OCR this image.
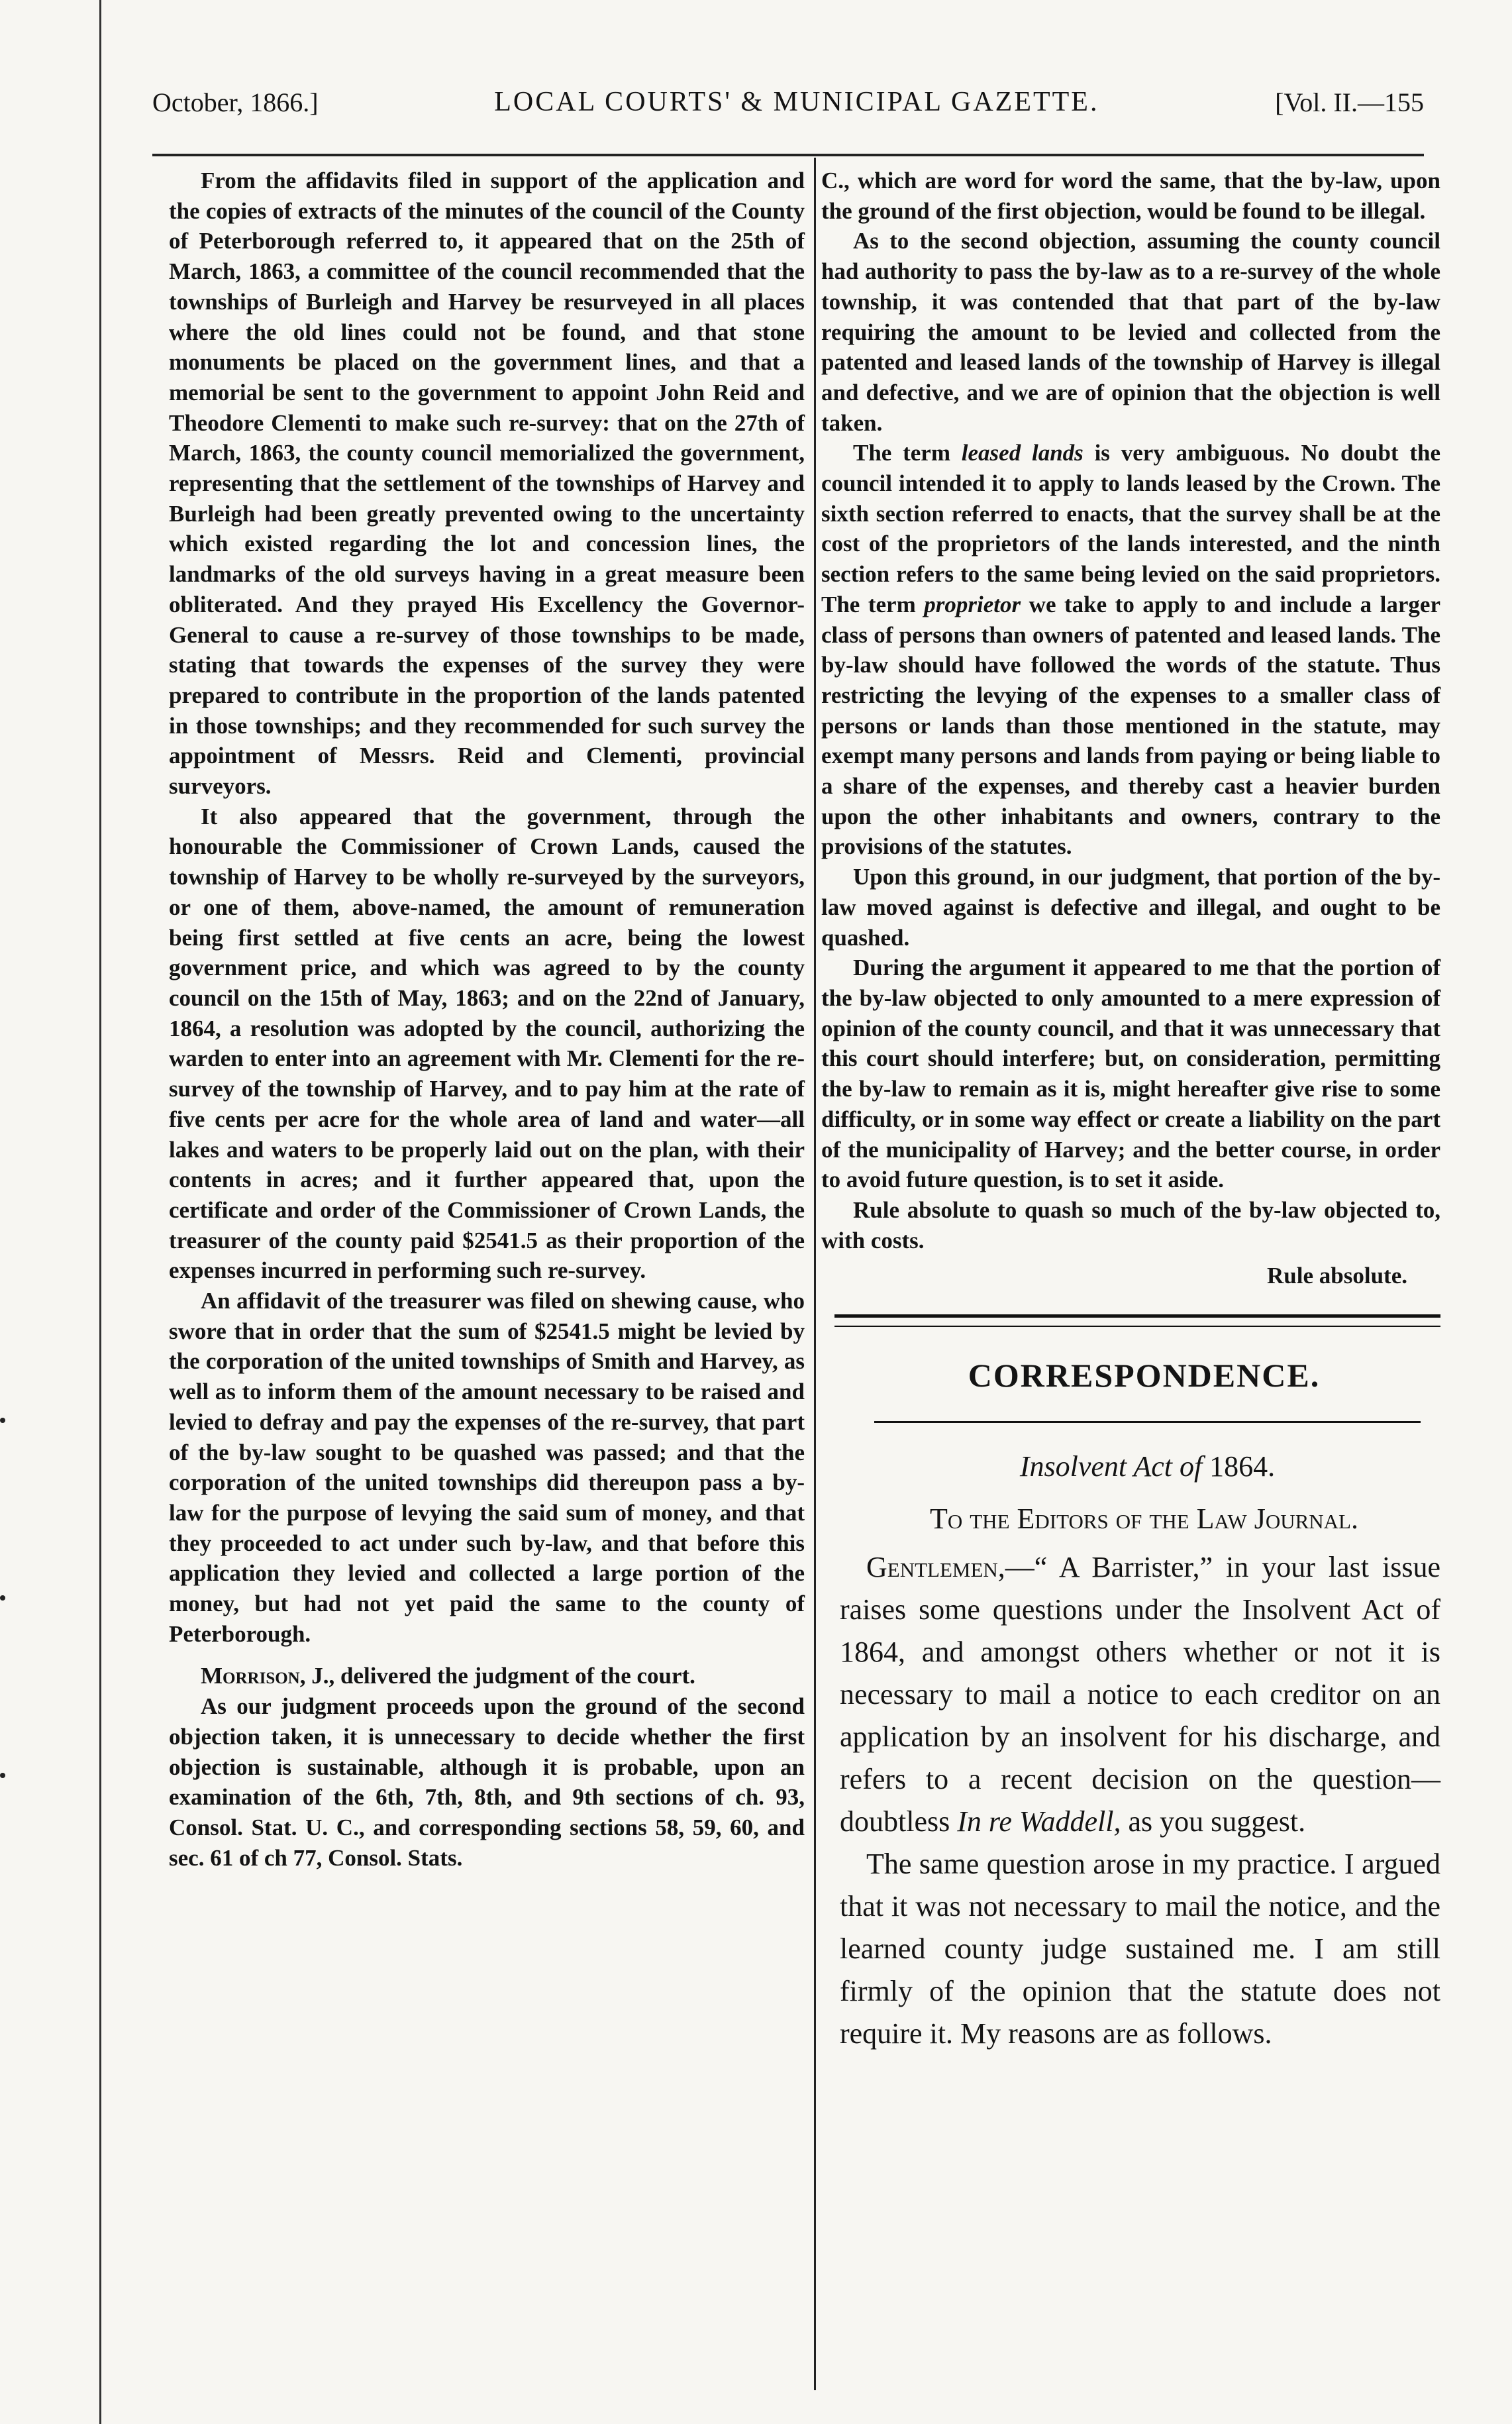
October, 1866.]	LOCAL COURTS' & MUNICIPAL GAZETTE.	[Vol. II.—155

From the affidavits filed in support of the application and the copies of extracts of the minutes of the council of the County of Peterborough referred to, it appeared that on the 25th of March, 1863, a committee of the council recommended that the townships of Burleigh and Harvey be resurveyed in all places where the old lines could not be found, and that stone monuments be placed on the government lines, and that a memorial be sent to the government to appoint John Reid and Theodore Clementi to make such re-survey: that on the 27th of March, 1863, the county council memorialized the government, representing that the settlement of the townships of Harvey and Burleigh had been greatly prevented owing to the uncertainty which existed regarding the lot and concession lines, the landmarks of the old surveys having in a great measure been obliterated. And they prayed His Excellency the Governor-General to cause a re-survey of those townships to be made, stating that towards the expenses of the survey they were prepared to contribute in the proportion of the lands patented in those townships; and they recommended for such survey the appointment of Messrs. Reid and Clementi, provincial surveyors.

It also appeared that the government, through the honourable the Commissioner of Crown Lands, caused the township of Harvey to be wholly re-surveyed by the surveyors, or one of them, above-named, the amount of remuneration being first settled at five cents an acre, being the lowest government price, and which was agreed to by the county council on the 15th of May, 1863; and on the 22nd of January, 1864, a resolution was adopted by the council, authorizing the warden to enter into an agreement with Mr. Clementi for the re-survey of the township of Harvey, and to pay him at the rate of five cents per acre for the whole area of land and water—all lakes and waters to be properly laid out on the plan, with their contents in acres; and it further appeared that, upon the certificate and order of the Commissioner of Crown Lands, the treasurer of the county paid $2541.5 as their proportion of the expenses incurred in performing such re-survey.

An affidavit of the treasurer was filed on shewing cause, who swore that in order that the sum of $2541.5 might be levied by the corporation of the united townships of Smith and Harvey, as well as to inform them of the amount necessary to be raised and levied to defray and pay the expenses of the re-survey, that part of the by-law sought to be quashed was passed; and that the corporation of the united townships did thereupon pass a by-law for the purpose of levying the said sum of money, and that they proceeded to act under such by-law, and that before this application they levied and collected a large portion of the money, but had not yet paid the same to the county of Peterborough.

Morrison, J., delivered the judgment of the court.

As our judgment proceeds upon the ground of the second objection taken, it is unnecessary to decide whether the first objection is sustainable, although it is probable, upon an examination of the 6th, 7th, 8th, and 9th sections of ch. 93, Consol. Stat. U. C., and corresponding sections 58, 59, 60, and sec. 61 of ch 77, Consol. Stats.

C., which are word for word the same, that the by-law, upon the ground of the first objection, would be found to be illegal.

As to the second objection, assuming the county council had authority to pass the by-law as to a re-survey of the whole township, it was contended that that part of the by-law requiring the amount to be levied and collected from the patented and leased lands of the township of Harvey is illegal and defective, and we are of opinion that the objection is well taken.

The term leased lands is very ambiguous. No doubt the council intended it to apply to lands leased by the Crown. The sixth section referred to enacts, that the survey shall be at the cost of the proprietors of the lands interested, and the ninth section refers to the same being levied on the said proprietors. The term proprietor we take to apply to and include a larger class of persons than owners of patented and leased lands. The by-law should have followed the words of the statute. Thus restricting the levying of the expenses to a smaller class of persons or lands than those mentioned in the statute, may exempt many persons and lands from paying or being liable to a share of the expenses, and thereby cast a heavier burden upon the other inhabitants and owners, contrary to the provisions of the statutes.

Upon this ground, in our judgment, that portion of the by-law moved against is defective and illegal, and ought to be quashed.

During the argument it appeared to me that the portion of the by-law objected to only amounted to a mere expression of opinion of the county council, and that it was unnecessary that this court should interfere; but, on consideration, permitting the by-law to remain as it is, might hereafter give rise to some difficulty, or in some way effect or create a liability on the part of the municipality of Harvey; and the better course, in order to avoid future question, is to set it aside.

Rule absolute to quash so much of the by-law objected to, with costs.

Rule absolute.
CORRESPONDENCE.
Insolvent Act of 1864.
To the Editors of the Law Journal.

Gentlemen,—“ A Barrister,” in your last issue raises some questions under the Insolvent Act of 1864, and amongst others whether or not it is necessary to mail a notice to each creditor on an application by an insolvent for his discharge, and refers to a recent decision on the question—doubtless In re Waddell, as you suggest.

The same question arose in my practice. I argued that it was not necessary to mail the notice, and the learned county judge sustained me. I am still firmly of the opinion that the statute does not require it. My reasons are as follows.
